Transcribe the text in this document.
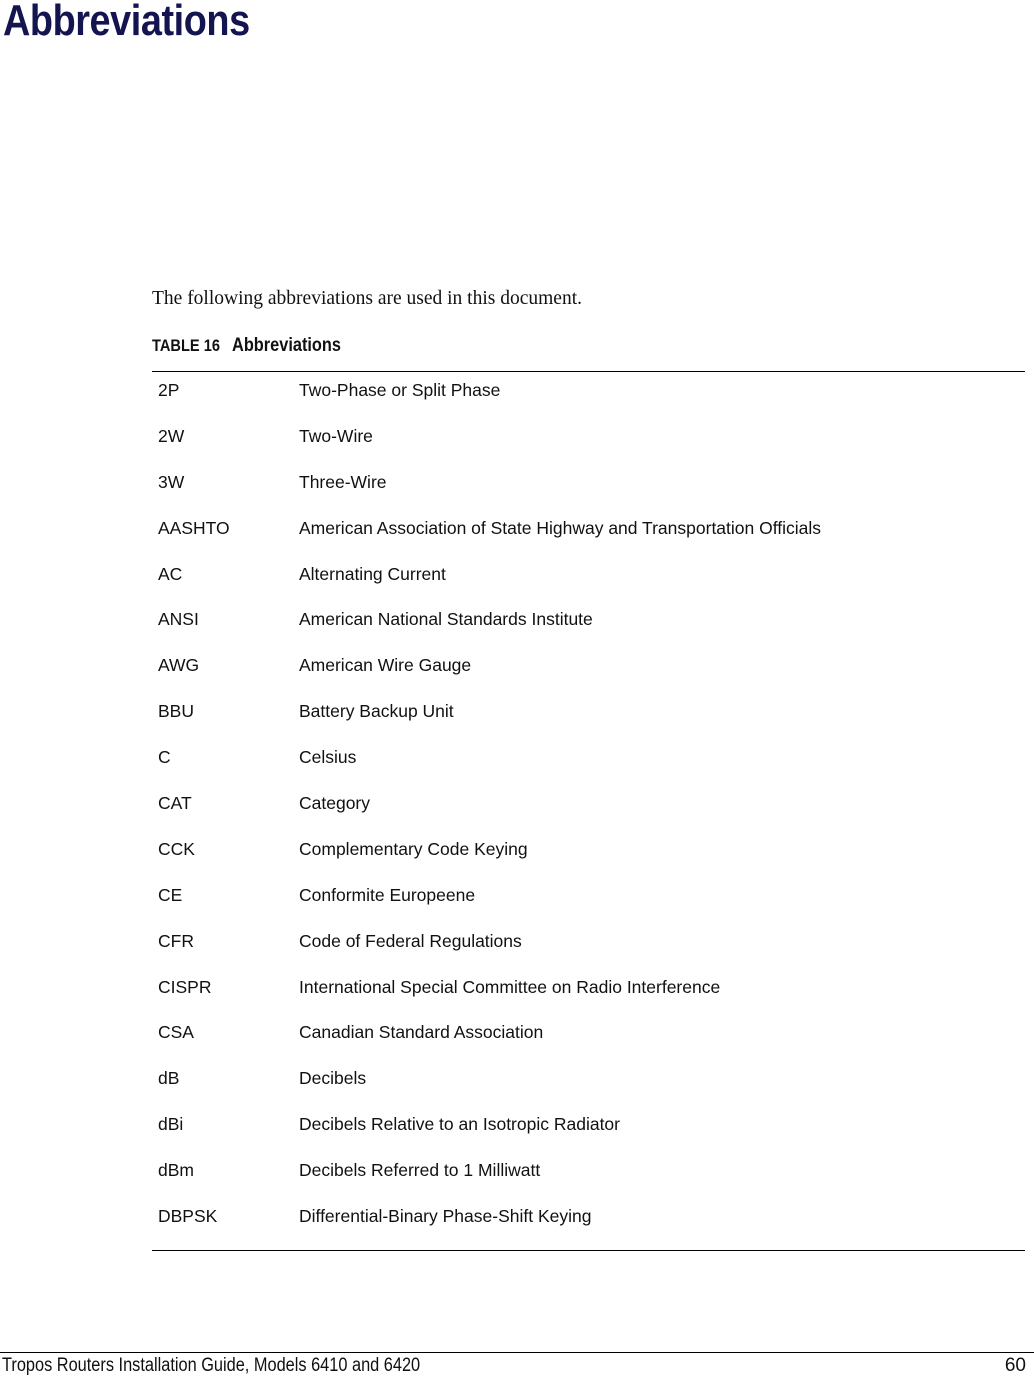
Abbreviations

The following abbreviations are used in this document.

TABLE 16 Abbreviations
2P	Two-Phase or Split Phase
2W	Two-Wire
3W	Three-Wire
AASHTO	American Association of State Highway and Transportation Officials
AC	Alternating Current
ANSI	American National Standards Institute
AWG	American Wire Gauge
BBU	Battery Backup Unit
C	Celsius
CAT	Category
CCK	Complementary Code Keying
CE	Conformite Europeene
CFR	Code of Federal Regulations
CISPR	International Special Committee on Radio Interference
CSA	Canadian Standard Association
dB	Decibels
dBi	Decibels Relative to an Isotropic Radiator
dBm	Decibels Referred to 1 Milliwatt
DBPSK	Differential-Binary Phase-Shift Keying
Tropos Routers Installation Guide, Models 6410 and 6420	60
